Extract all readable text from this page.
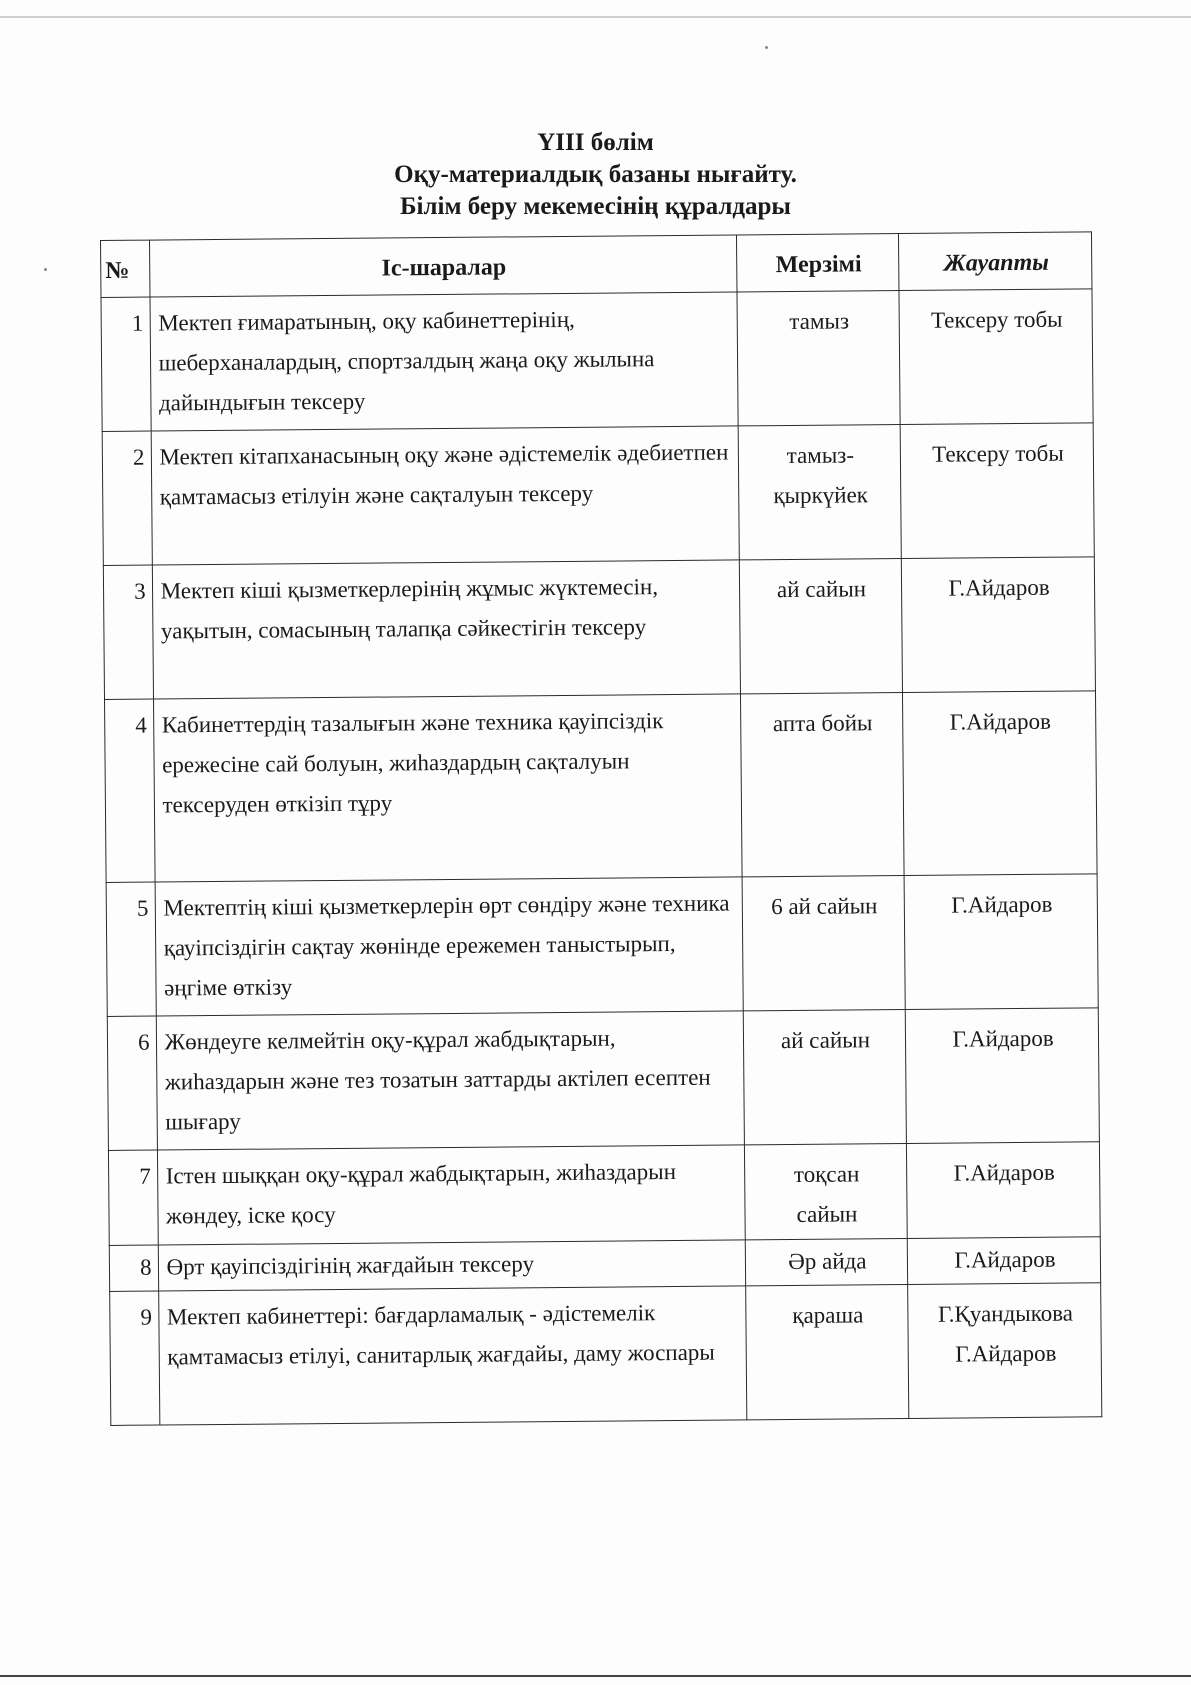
YIII бөлім
Оқу-материалдық базаны нығайту.
Білім беру мекемесінің құралдары
№	Іс-шаралар	Мерзімі	Жауапты
1	Мектеп ғимаратының, оқу кабинеттерінің, шеберханалардың, спортзалдың жаңа оқу жылына дайындығын тексеру	тамыз	Тексеру тобы

2	Мектеп кітапханасының оқу және әдістемелік әдебиетпен қамтамасыз етілуін және сақталуын тексеру	тамыз-
қыркүйек	Тексеру тобы

3	Мектеп кіші қызметкерлерінің жұмыс жүктемесін, уақытын, сомасының талапқа сәйкестігін тексеру	ай сайын	Г.Айдаров

4	Кабинеттердің тазалығын және техника қауіпсіздік ережесіне сай болуын, жиһаздардың сақталуын тексеруден өткізіп тұру	апта бойы	Г.Айдаров

5	Мектептің кіші қызметкерлерін өрт сөндіру және техника қауіпсіздігін сақтау жөнінде ережемен таныстырып, әңгіме өткізу	6 ай сайын	Г.Айдаров

6	Жөндеуге келмейтін оқу-құрал жабдықтарын, жиһаздарын және тез тозатын заттарды актілеп есептен шығару	ай сайын	Г.Айдаров

7	Істен шыққан оқу-құрал жабдықтарын, жиһаздарын жөндеу, іске қосу	тоқсан
сайын	Г.Айдаров

8	Өрт қауіпсіздігінің жағдайын тексеру	Әр айда	Г.Айдаров

9	Мектеп кабинеттері: бағдарламалық - әдістемелік қамтамасыз етілуі, санитарлық жағдайы, даму жоспары	қараша	Г.Қуандыкова
Г.Айдаров
